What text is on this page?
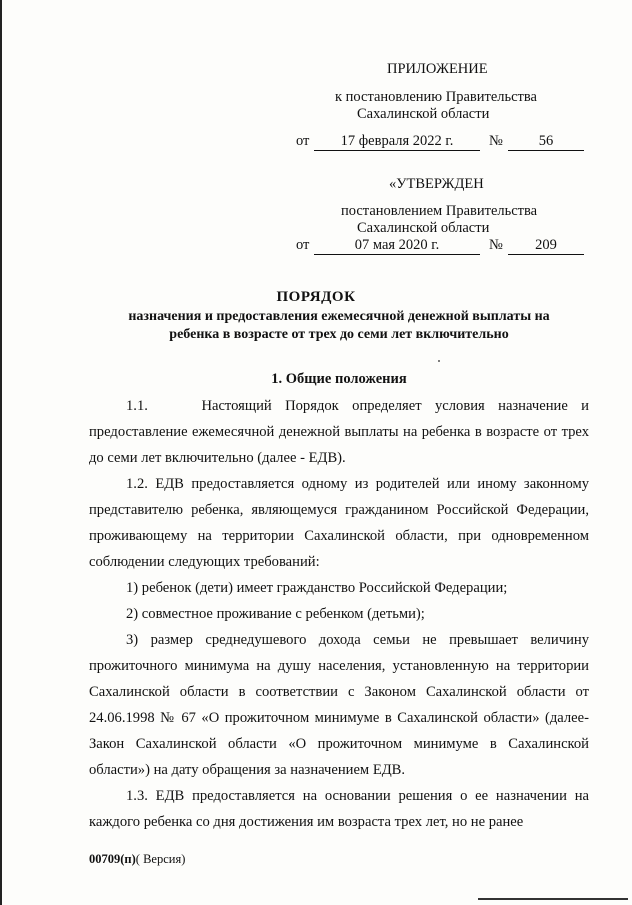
ПРИЛОЖЕНИЕ
к постановлению Правительства
Сахалинской области
от	17 февраля 2022 г.	№	56
«УТВЕРЖДЕН
постановлением Правительства
Сахалинской области
от	07 мая 2020 г.	№	209
ПОРЯДОК
назначения и предоставления ежемесячной денежной выплаты на
ребенка в возрасте от трех до семи лет включительно
1. Общие положения
1.1.    Настоящий Порядок определяет условия назначение и предоставление ежемесячной денежной выплаты на ребенка в возрасте от трех до семи лет включительно (далее - ЕДВ).
1.2. ЕДВ предоставляется одному из родителей или иному законному представителю ребенка, являющемуся гражданином Российской Федерации, проживающему на территории Сахалинской области, при одновременном соблюдении следующих требований:
1) ребенок (дети) имеет гражданство Российской Федерации;
2) совместное проживание с ребенком (детьми);
3) размер среднедушевого дохода семьи не превышает величину прожиточного минимума на душу населения, установленную на территории Сахалинской области в соответствии с Законом Сахалинской области от 24.06.1998 № 67 «О прожиточном минимуме в Сахалинской области» (далее- Закон Сахалинской области «О прожиточном минимуме в Сахалинской области») на дату обращения за назначением ЕДВ.
1.3. ЕДВ предоставляется на основании решения о ее назначении на каждого ребенка со дня достижения им возраста трех лет, но не ранее
00709(п)( Версия)
